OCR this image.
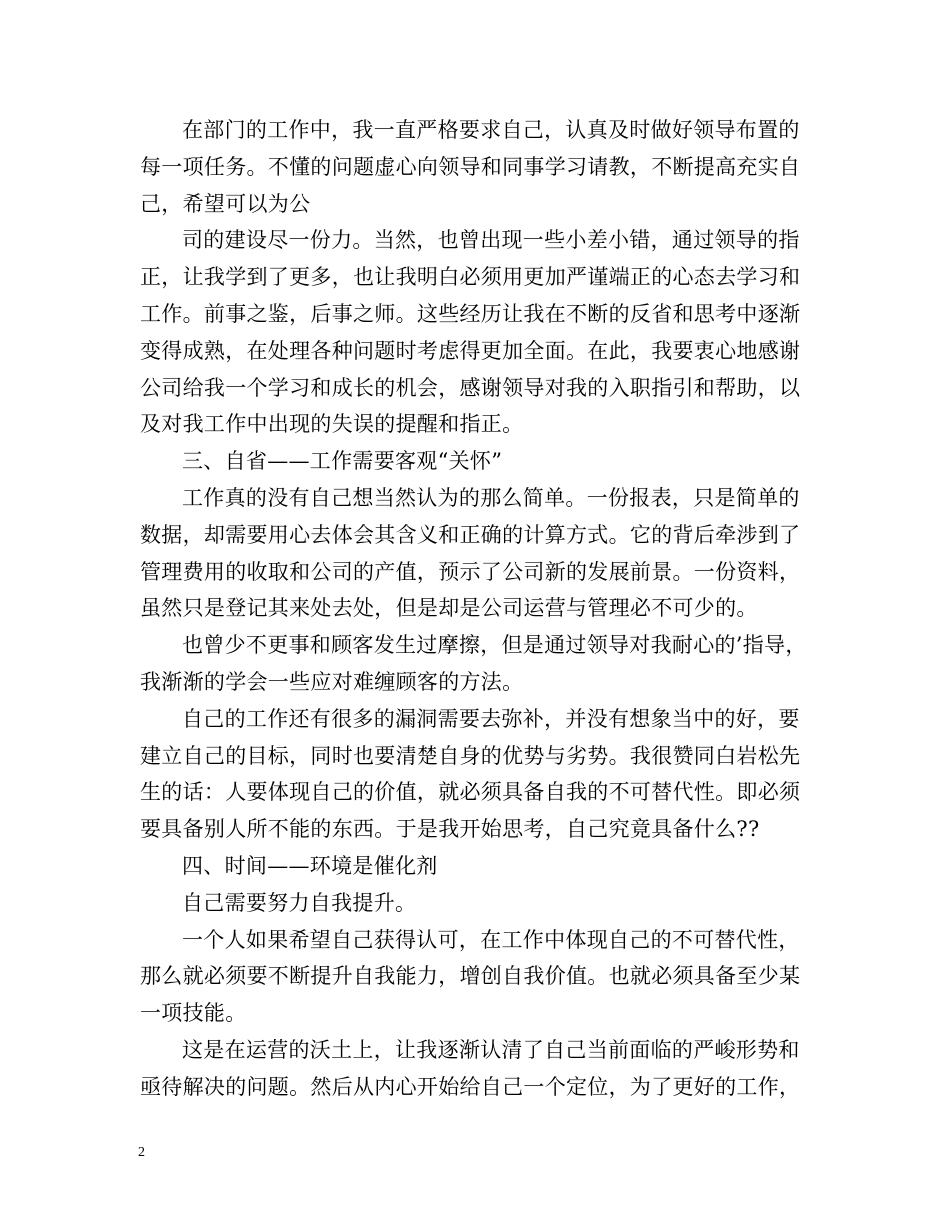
在部门的工作中，我一直严格要求自己，认真及时做好领导布置的
每一项任务。不懂的问题虚心向领导和同事学习请教，不断提高充实自
己，希望可以为公
司的建设尽一份力。当然，也曾出现一些小差小错，通过领导的指
正，让我学到了更多，也让我明白必须用更加严谨端正的心态去学习和
工作。前事之鉴，后事之师。这些经历让我在不断的反省和思考中逐渐
变得成熟，在处理各种问题时考虑得更加全面。在此，我要衷心地感谢
公司给我一个学习和成长的机会，感谢领导对我的入职指引和帮助，以
及对我工作中出现的失误的提醒和指正。
三、自省——工作需要客观“关怀”
工作真的没有自己想当然认为的那么简单。一份报表，只是简单的
数据，却需要用心去体会其含义和正确的计算方式。它的背后牵涉到了
管理费用的收取和公司的产值，预示了公司新的发展前景。一份资料，
虽然只是登记其来处去处，但是却是公司运营与管理必不可少的。
也曾少不更事和顾客发生过摩擦，但是通过领导对我耐心的’指导，
我渐渐的学会一些应对难缠顾客的方法。
自己的工作还有很多的漏洞需要去弥补，并没有想象当中的好，要
建立自己的目标，同时也要清楚自身的优势与劣势。我很赞同白岩松先
生的话：人要体现自己的价值，就必须具备自我的不可替代性。即必须
要具备别人所不能的东西。于是我开始思考，自己究竟具备什么??
四、时间——环境是催化剂
自己需要努力自我提升。
一个人如果希望自己获得认可，在工作中体现自己的不可替代性，
那么就必须要不断提升自我能力，增创自我价值。也就必须具备至少某
一项技能。
这是在运营的沃土上，让我逐渐认清了自己当前面临的严峻形势和
亟待解决的问题。然后从内心开始给自己一个定位，为了更好的工作，
2
